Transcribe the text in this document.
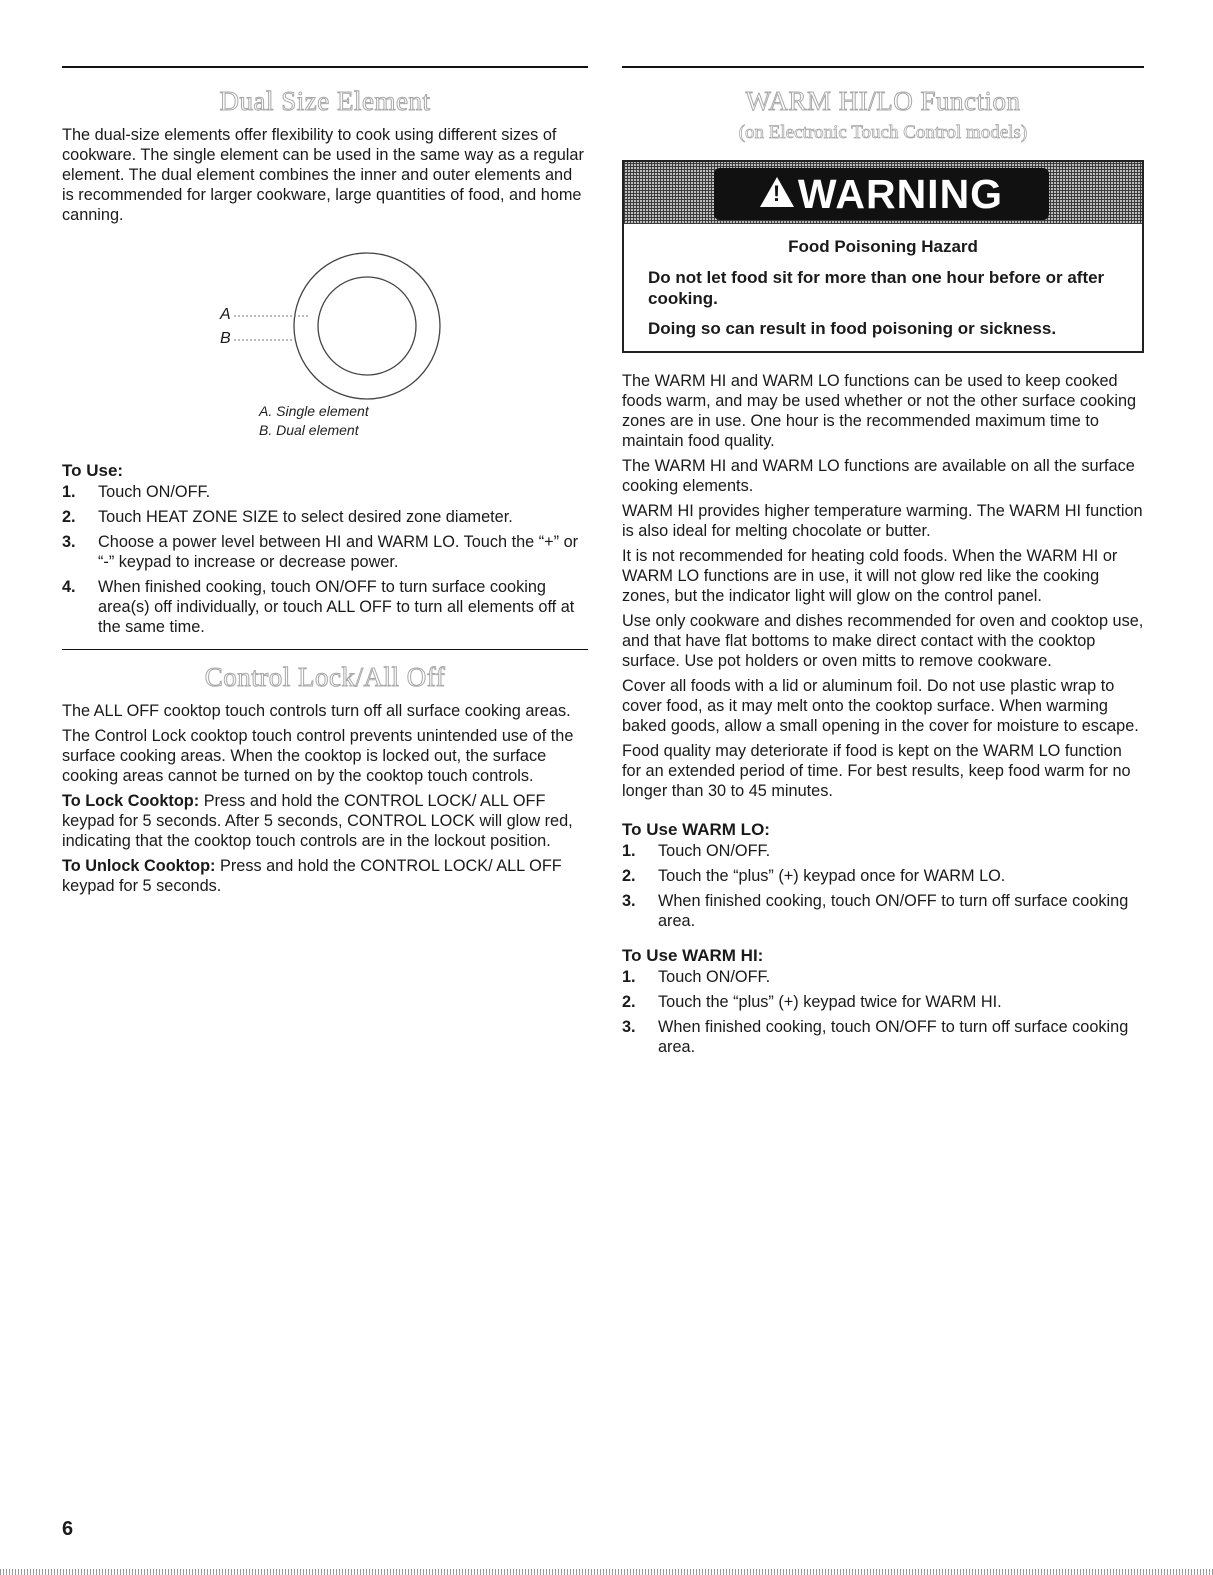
Dual Size Element

The dual-size elements offer flexibility to cook using different sizes of cookware. The single element can be used in the same way as a regular element. The dual element combines the inner and outer elements and is recommended for larger cookware, large quantities of food, and home canning.

A
B
A. Single element
B. Dual element
To Use:
1. Touch ON/OFF.
2. Touch HEAT ZONE SIZE to select desired zone diameter.
3. Choose a power level between HI and WARM LO. Touch the “+” or “-” keypad to increase or decrease power.
4. When finished cooking, touch ON/OFF to turn surface cooking area(s) off individually, or touch ALL OFF to turn all elements off at the same time.
Control Lock/All Off

The ALL OFF cooktop touch controls turn off all surface cooking areas.

The Control Lock cooktop touch control prevents unintended use of the surface cooking areas. When the cooktop is locked out, the surface cooking areas cannot be turned on by the cooktop touch controls.

To Lock Cooktop: Press and hold the CONTROL LOCK/ ALL OFF keypad for 5 seconds. After 5 seconds, CONTROL LOCK will glow red, indicating that the cooktop touch controls are in the lockout position.

To Unlock Cooktop: Press and hold the CONTROL LOCK/ ALL OFF keypad for 5 seconds.

WARM HI/LO Function
(on Electronic Touch Control models)
! WARNING
Food Poisoning Hazard
Do not let food sit for more than one hour before or after cooking.
Doing so can result in food poisoning or sickness.

The WARM HI and WARM LO functions can be used to keep cooked foods warm, and may be used whether or not the other surface cooking zones are in use. One hour is the recommended maximum time to maintain food quality.

The WARM HI and WARM LO functions are available on all the surface cooking elements.

WARM HI provides higher temperature warming. The WARM HI function is also ideal for melting chocolate or butter.

It is not recommended for heating cold foods. When the WARM HI or WARM LO functions are in use, it will not glow red like the cooking zones, but the indicator light will glow on the control panel.

Use only cookware and dishes recommended for oven and cooktop use, and that have flat bottoms to make direct contact with the cooktop surface. Use pot holders or oven mitts to remove cookware.

Cover all foods with a lid or aluminum foil. Do not use plastic wrap to cover food, as it may melt onto the cooktop surface. When warming baked goods, allow a small opening in the cover for moisture to escape.

Food quality may deteriorate if food is kept on the WARM LO function for an extended period of time. For best results, keep food warm for no longer than 30 to 45 minutes.

To Use WARM LO:
1. Touch ON/OFF.
2. Touch the “plus” (+) keypad once for WARM LO.
3. When finished cooking, touch ON/OFF to turn off surface cooking area.
To Use WARM HI:
1. Touch ON/OFF.
2. Touch the “plus” (+) keypad twice for WARM HI.
3. When finished cooking, touch ON/OFF to turn off surface cooking area.
6
